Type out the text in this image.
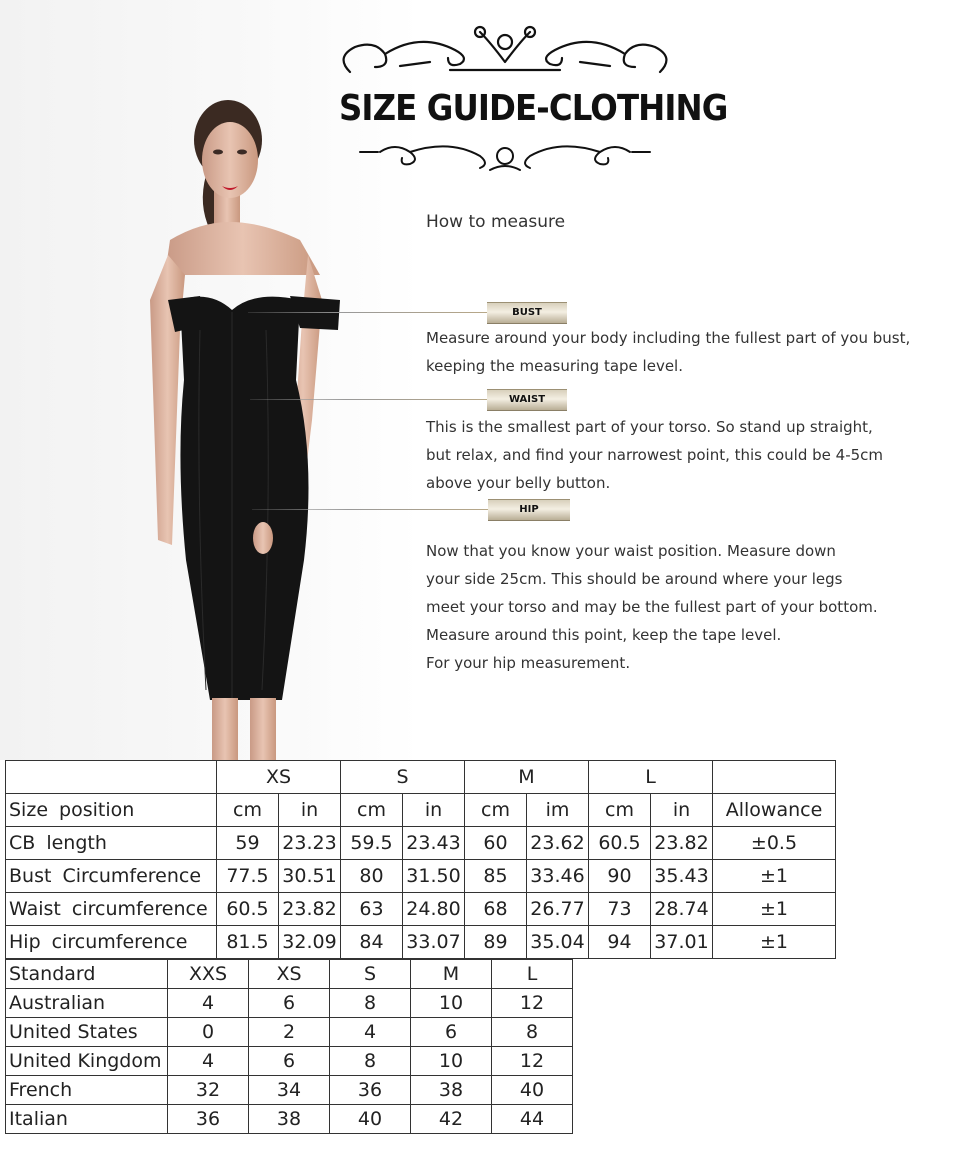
SIZE GUIDE-CLOTHING
How to measure
BUST
Measure around your body including the fullest part of you bust,
keeping the measuring tape level.
WAIST
This is the smallest part of your torso. So stand up straight,
but relax, and find your narrowest point, this could be 4-5cm
above your belly button.
HIP
Now that you know your waist position. Measure down
your side 25cm. This should be around where your legs
meet your torso and may be the fullest part of your bottom.
Measure around this point, keep the tape level.
For your hip measurement.
	XS		S		M		L		
Size position	cm	in	cm	in	cm	im	cm	in	Allowance
CB length	59	23.23	59.5	23.43	60	23.62	60.5	23.82	±0.5
Bust Circumference	77.5	30.51	80	31.50	85	33.46	90	35.43	±1
Waist circumference	60.5	23.82	63	24.80	68	26.77	73	28.74	±1
Hip circumference	81.5	32.09	84	33.07	89	35.04	94	37.01	±1
Standard	XXS	XS	S	M	L
Australian	4	6	8	10	12
United States	0	2	4	6	8
United Kingdom	4	6	8	10	12
French	32	34	36	38	40
Italian	36	38	40	42	44
